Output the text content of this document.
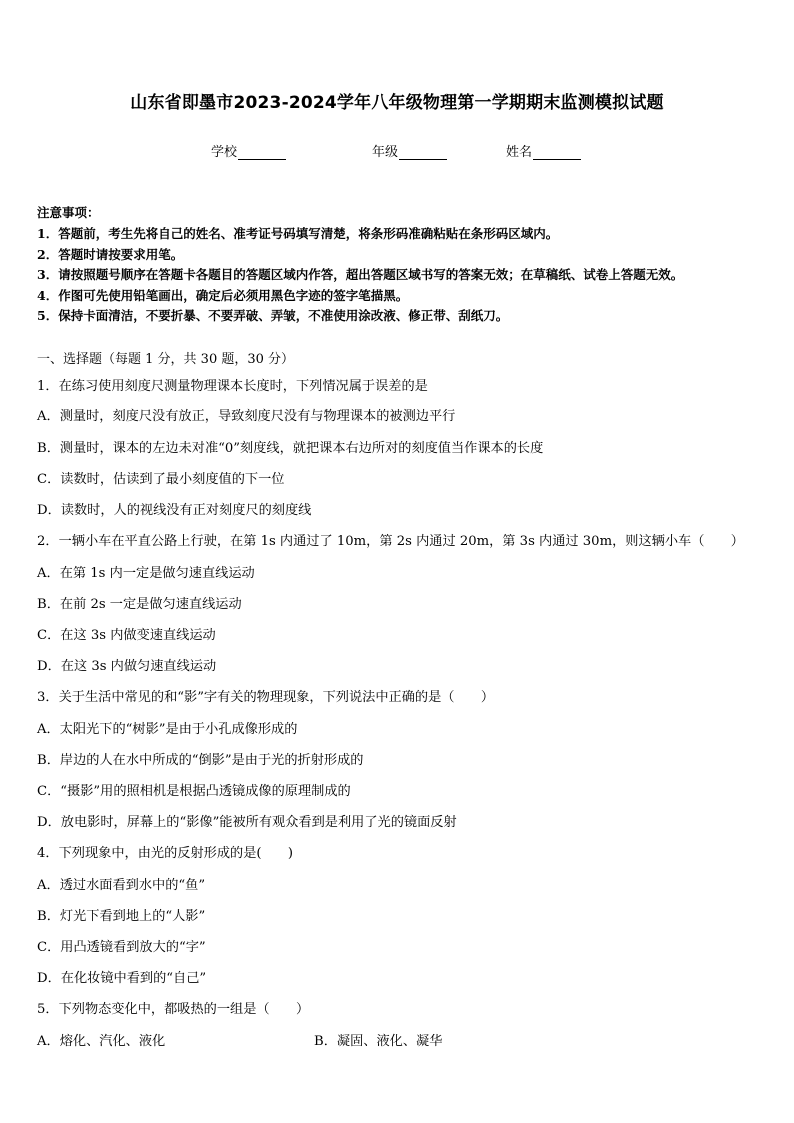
山东省即墨市2023-2024学年八年级物理第一学期期末监测模拟试题
学校	年级	姓名
注意事项：
1．答题前，考生先将自己的姓名、准考证号码填写清楚，将条形码准确粘贴在条形码区域内。
2．答题时请按要求用笔。
3．请按照题号顺序在答题卡各题目的答题区域内作答，超出答题区域书写的答案无效；在草稿纸、试卷上答题无效。
4．作图可先使用铅笔画出，确定后必须用黑色字迹的签字笔描黑。
5．保持卡面清洁，不要折暴、不要弄破、弄皱，不准使用涂改液、修正带、刮纸刀。
一、选择题（每题 1 分，共 30 题，30 分）
1．在练习使用刻度尺测量物理课本长度时，下列情况属于误差的是
A．测量时，刻度尺没有放正，导致刻度尺没有与物理课本的被测边平行
B．测量时，课本的左边未对准“0”刻度线，就把课本右边所对的刻度值当作课本的长度
C．读数时，估读到了最小刻度值的下一位
D．读数时，人的视线没有正对刻度尺的刻度线
2．一辆小车在平直公路上行驶，在第 1s 内通过了 10m，第 2s 内通过 20m，第 3s 内通过 30m，则这辆小车（　　）
A．在第 1s 内一定是做匀速直线运动
B．在前 2s 一定是做匀速直线运动
C．在这 3s 内做变速直线运动
D．在这 3s 内做匀速直线运动
3．关于生活中常见的和“影”字有关的物理现象，下列说法中正确的是（　　）
A．太阳光下的“树影”是由于小孔成像形成的
B．岸边的人在水中所成的“倒影”是由于光的折射形成的
C．“摄影”用的照相机是根据凸透镜成像的原理制成的
D．放电影时，屏幕上的“影像”能被所有观众看到是利用了光的镜面反射
4．下列现象中，由光的反射形成的是(　　)
A．透过水面看到水中的“鱼”
B．灯光下看到地上的“人影”
C．用凸透镜看到放大的“字”
D．在化妆镜中看到的“自己”
5．下列物态变化中，都吸热的一组是（　　）
A．熔化、汽化、液化	B．凝固、液化、凝华
